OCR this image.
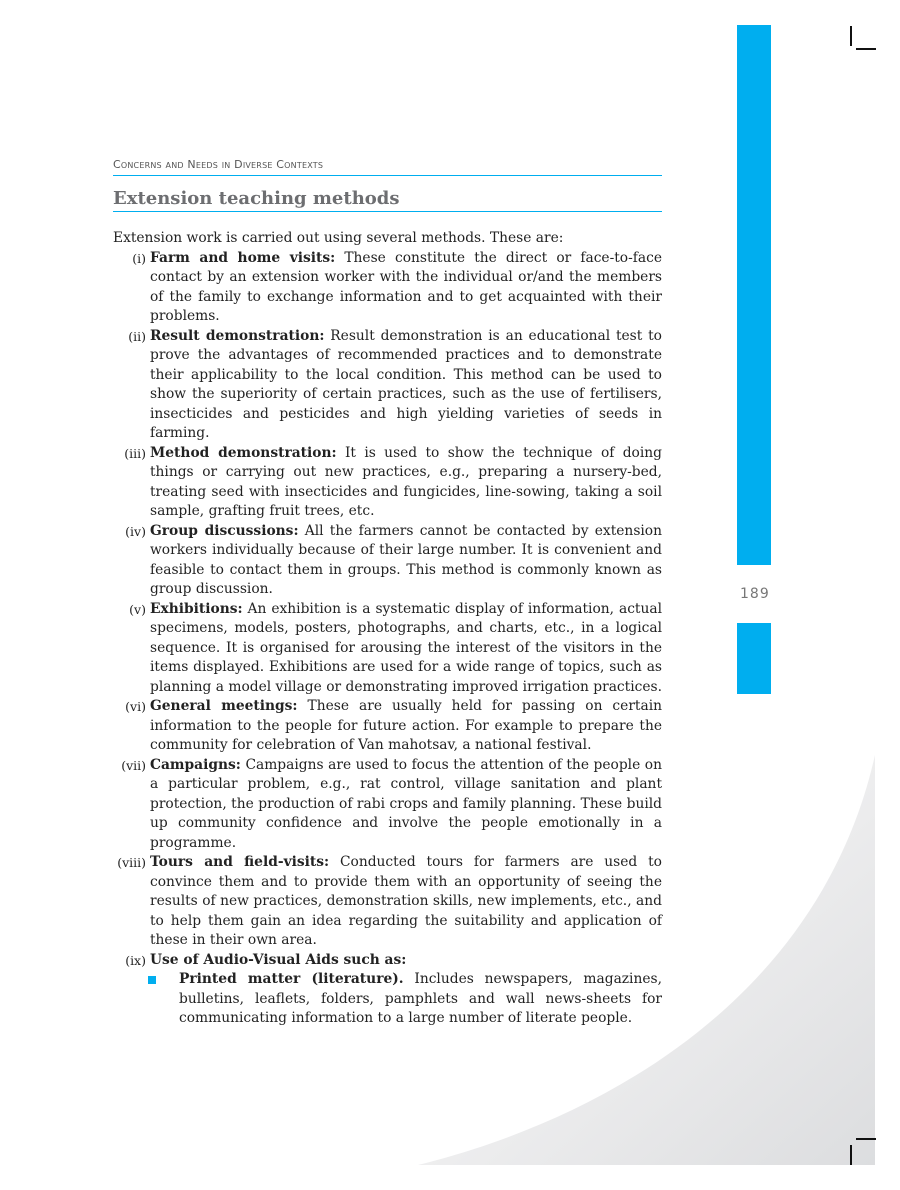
189
Concerns and Needs in Diverse Contexts
Extension teaching methods

Extension work is carried out using several methods. These are:

(i) Farm and home visits: These constitute the direct or face-to-face contact by an extension worker with the individual or/and the members of the family to exchange information and to get acquainted with their problems.

(ii) Result demonstration: Result demonstration is an educational test to prove the advantages of recommended practices and to demonstrate their applicability to the local condition. This method can be used to show the superiority of certain practices, such as the use of fertilisers, insecticides and pesticides and high yielding varieties of seeds in farming.

(iii) Method demonstration: It is used to show the technique of doing things or carrying out new practices, e.g., preparing a nursery-bed, treating seed with insecticides and fungicides, line-sowing, taking a soil sample, grafting fruit trees, etc.

(iv) Group discussions: All the farmers cannot be contacted by extension workers individually because of their large number. It is convenient and feasible to contact them in groups. This method is commonly known as group discussion.

(v) Exhibitions: An exhibition is a systematic display of information, actual specimens, models, posters, photographs, and charts, etc., in a logical sequence. It is organised for arousing the interest of the visitors in the items displayed. Exhibitions are used for a wide range of topics, such as planning a model village or demonstrating improved irrigation practices.

(vi) General meetings: These are usually held for passing on certain information to the people for future action. For example to prepare the community for celebration of Van mahotsav, a national festival.

(vii) Campaigns: Campaigns are used to focus the attention of the people on a particular problem, e.g., rat control, village sanitation and plant protection, the production of rabi crops and family planning. These build up community confidence and involve the people emotionally in a programme.

(viii) Tours and field-visits: Conducted tours for farmers are used to convince them and to provide them with an opportunity of seeing the results of new practices, demonstration skills, new implements, etc., and to help them gain an idea regarding the suitability and application of these in their own area.

(ix) Use of Audio-Visual Aids such as:

Printed matter (literature). Includes newspapers, magazines, bulletins, leaflets, folders, pamphlets and wall news-sheets for communicating information to a large number of literate people.
